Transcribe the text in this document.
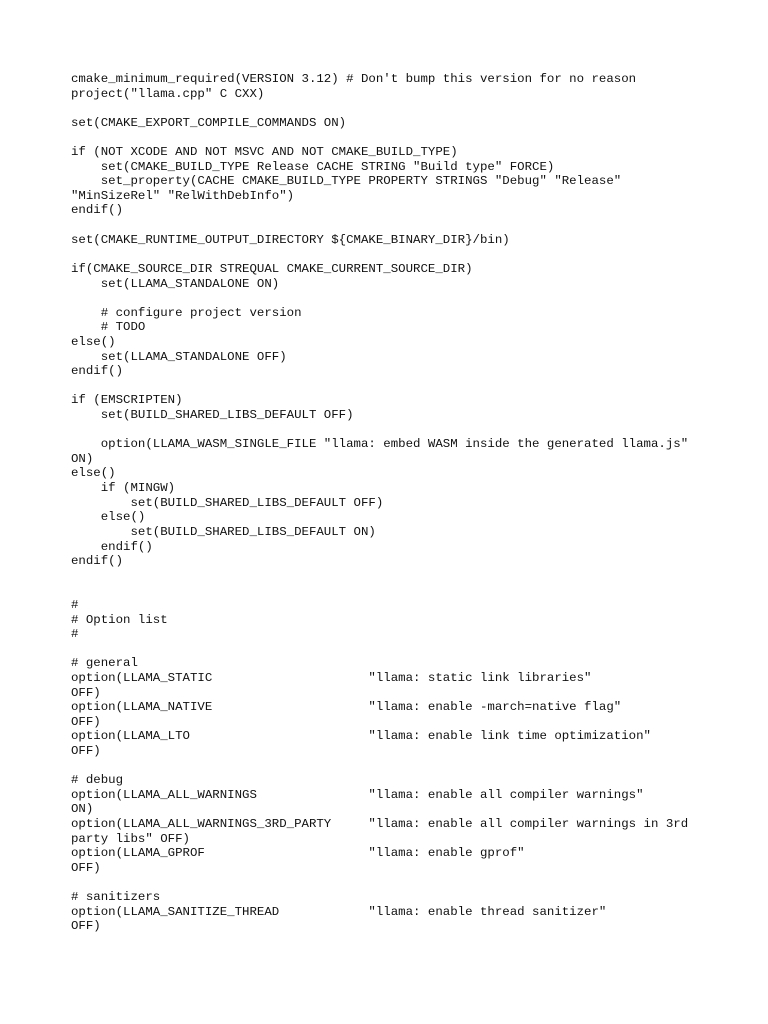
cmake_minimum_required(VERSION 3.12) # Don't bump this version for no reason
project("llama.cpp" C CXX)
set(CMAKE_EXPORT_COMPILE_COMMANDS ON)
if (NOT XCODE AND NOT MSVC AND NOT CMAKE_BUILD_TYPE)
set(CMAKE_BUILD_TYPE Release CACHE STRING "Build type" FORCE)
set_property(CACHE CMAKE_BUILD_TYPE PROPERTY STRINGS "Debug" "Release"
"MinSizeRel" "RelWithDebInfo")
endif()
set(CMAKE_RUNTIME_OUTPUT_DIRECTORY ${CMAKE_BINARY_DIR}/bin)
if(CMAKE_SOURCE_DIR STREQUAL CMAKE_CURRENT_SOURCE_DIR)
set(LLAMA_STANDALONE ON)
# configure project version
# TODO
else()
set(LLAMA_STANDALONE OFF)
endif()
if (EMSCRIPTEN)
set(BUILD_SHARED_LIBS_DEFAULT OFF)
option(LLAMA_WASM_SINGLE_FILE "llama: embed WASM inside the generated llama.js"
ON)
else()
if (MINGW)
set(BUILD_SHARED_LIBS_DEFAULT OFF)
else()
set(BUILD_SHARED_LIBS_DEFAULT ON)
endif()
endif()
#
# Option list
#
# general
option(LLAMA_STATIC                     "llama: static link libraries"
OFF)
option(LLAMA_NATIVE                     "llama: enable -march=native flag"
OFF)
option(LLAMA_LTO                        "llama: enable link time optimization"
OFF)
# debug
option(LLAMA_ALL_WARNINGS               "llama: enable all compiler warnings"
ON)
option(LLAMA_ALL_WARNINGS_3RD_PARTY     "llama: enable all compiler warnings in 3rd
party libs" OFF)
option(LLAMA_GPROF                      "llama: enable gprof"
OFF)
# sanitizers
option(LLAMA_SANITIZE_THREAD            "llama: enable thread sanitizer"
OFF)
